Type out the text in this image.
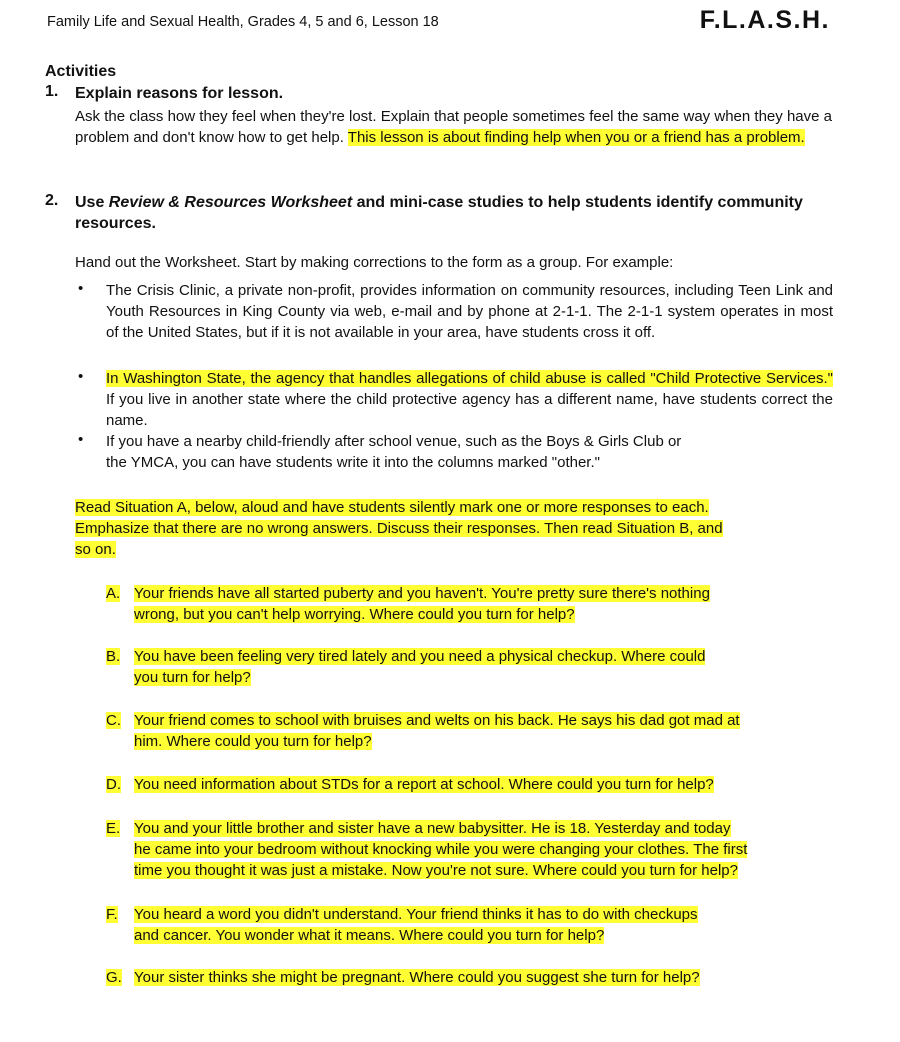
Family Life and Sexual Health, Grades 4, 5 and 6, Lesson 18	F.L.A.S.H.
Activities
1. Explain reasons for lesson.
Ask the class how they feel when they're lost. Explain that people sometimes feel the same way when they have a problem and don't know how to get help. This lesson is about finding help when you or a friend has a problem.
2. Use Review & Resources Worksheet and mini-case studies to help students identify community resources.
Hand out the Worksheet. Start by making corrections to the form as a group. For example:
• The Crisis Clinic, a private non-profit, provides information on community resources, including Teen Link and Youth Resources in King County via web, e-mail and by phone at 2-1-1. The 2-1-1 system operates in most of the United States, but if it is not available in your area, have students cross it off.
• In Washington State, the agency that handles allegations of child abuse is called "Child Protective Services." If you live in another state where the child protective agency has a different name, have students correct the name.
• If you have a nearby child-friendly after school venue, such as the Boys & Girls Club or
the YMCA, you can have students write it into the columns marked "other."
Read Situation A, below, aloud and have students silently mark one or more responses to each.
Emphasize that there are no wrong answers. Discuss their responses. Then read Situation B, and
so on.
A. Your friends have all started puberty and you haven't. You're pretty sure there's nothing
wrong, but you can't help worrying. Where could you turn for help?
B. You have been feeling very tired lately and you need a physical checkup. Where could
you turn for help?
C. Your friend comes to school with bruises and welts on his back. He says his dad got mad at
him. Where could you turn for help?
D. You need information about STDs for a report at school. Where could you turn for help?
E. You and your little brother and sister have a new babysitter. He is 18. Yesterday and today
he came into your bedroom without knocking while you were changing your clothes. The first
time you thought it was just a mistake. Now you're not sure. Where could you turn for help?
F. You heard a word you didn't understand. Your friend thinks it has to do with checkups
and cancer. You wonder what it means. Where could you turn for help?
G. Your sister thinks she might be pregnant. Where could you suggest she turn for help?
